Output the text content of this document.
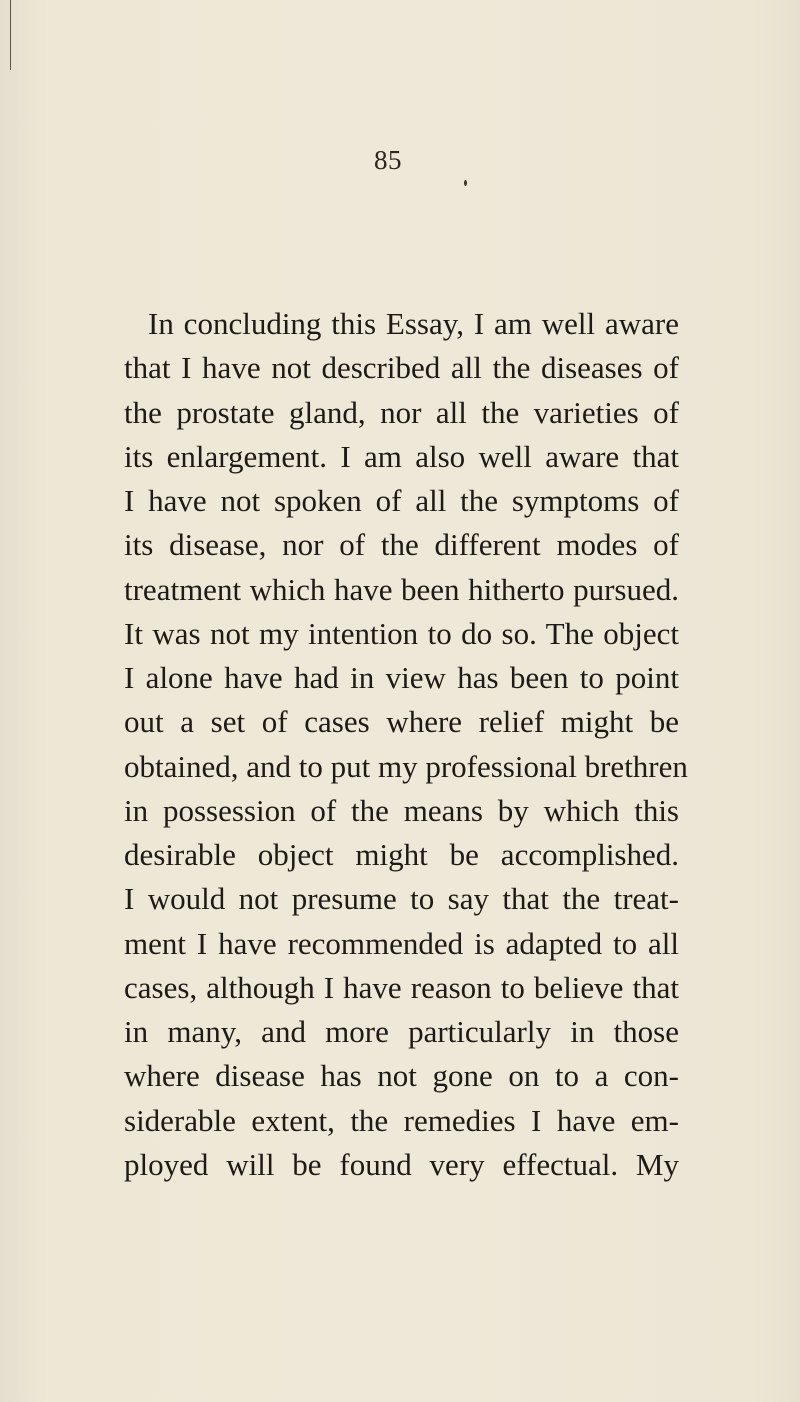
85
In concluding this Essay, I am well aware
that I have not described all the diseases of
the prostate gland, nor all the varieties of
its enlargement. I am also well aware that
I have not spoken of all the symptoms of
its disease, nor of the different modes of
treatment which have been hitherto pursued.
It was not my intention to do so. The object
I alone have had in view has been to point
out a set of cases where relief might be
obtained, and to put my professional brethren
in possession of the means by which this
desirable object might be accomplished.
I would not presume to say that the treat-
ment I have recommended is adapted to all
cases, although I have reason to believe that
in many, and more particularly in those
where disease has not gone on to a con-
siderable extent, the remedies I have em-
ployed will be found very effectual. My
